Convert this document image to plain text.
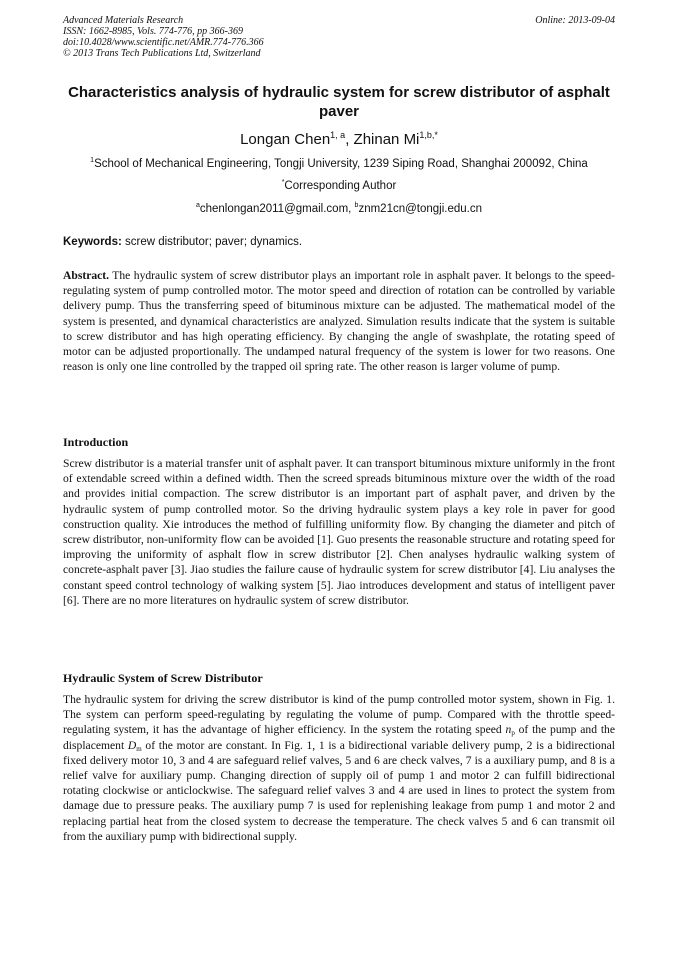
Advanced Materials Research
ISSN: 1662-8985, Vols. 774-776, pp 366-369
doi:10.4028/www.scientific.net/AMR.774-776.366
© 2013 Trans Tech Publications Ltd, Switzerland
Online: 2013-09-04
Characteristics analysis of hydraulic system for screw distributor of asphalt paver
Longan Chen$^{1, a}$, Zhinan $Mi^{1,b,*}$
$^1$School of Mechanical Engineering, Tongji University, 1239 Siping Road, Shanghai 200092, China
*Corresponding Author
$^a$chenlongan2011@gmail.com, $^b$znm21cn@tongji.edu.cn
Keywords: screw distributor; paver; dynamics.
Abstract. The hydraulic system of screw distributor plays an important role in asphalt paver. It belongs to the speed-regulating system of pump controlled motor. The motor speed and direction of rotation can be controlled by variable delivery pump. Thus the transferring speed of bituminous mixture can be adjusted. The mathematical model of the system is presented, and dynamical characteristics are analyzed. Simulation results indicate that the system is suitable to screw distributor and has high operating efficiency. By changing the angle of swashplate, the rotating speed of motor can be adjusted proportionally. The undamped natural frequency of the system is lower for two reasons. One reason is only one line controlled by the trapped oil spring rate. The other reason is larger volume of pump.
Introduction
Screw distributor is a material transfer unit of asphalt paver. It can transport bituminous mixture uniformly in the front of extendable screed within a defined width. Then the screed spreads bituminous mixture over the width of the road and provides initial compaction. The screw distributor is an important part of asphalt paver, and driven by the hydraulic system of pump controlled motor. So the driving hydraulic system plays a key role in paver for good construction quality. Xie introduces the method of fulfilling uniformity flow. By changing the diameter and pitch of screw distributor, non-uniformity flow can be avoided [1]. Guo presents the reasonable structure and rotating speed for improving the uniformity of asphalt flow in screw distributor [2]. Chen analyses hydraulic walking system of concrete-asphalt paver [3]. Jiao studies the failure cause of hydraulic system for screw distributor [4]. Liu analyses the constant speed control technology of walking system [5]. Jiao introduces development and status of intelligent paver [6]. There are no more literatures on hydraulic system of screw distributor.
Hydraulic System of Screw Distributor
The hydraulic system for driving the screw distributor is kind of the pump controlled motor system, shown in Fig. 1. The system can perform speed-regulating by regulating the volume of pump. Compared with the throttle speed-regulating system, it has the advantage of higher efficiency. In the system the rotating speed $n_p$ of the pump and the displacement $D_m$ of the motor are constant. In Fig. 1, 1 is a bidirectional variable delivery pump, 2 is a bidirectional fixed delivery motor 10, 3 and 4 are safeguard relief valves, 5 and 6 are check valves, 7 is a auxiliary pump, and 8 is a relief valve for auxiliary pump. Changing direction of supply oil of pump 1 and motor 2 can fulfill bidirectional rotating clockwise or anticlockwise. The safeguard relief valves 3 and 4 are used in lines to protect the system from damage due to pressure peaks. The auxiliary pump 7 is used for replenishing leakage from pump 1 and motor 2 and replacing partial heat from the closed system to decrease the temperature. The check valves 5 and 6 can transmit oil from the auxiliary pump with bidirectional supply.
